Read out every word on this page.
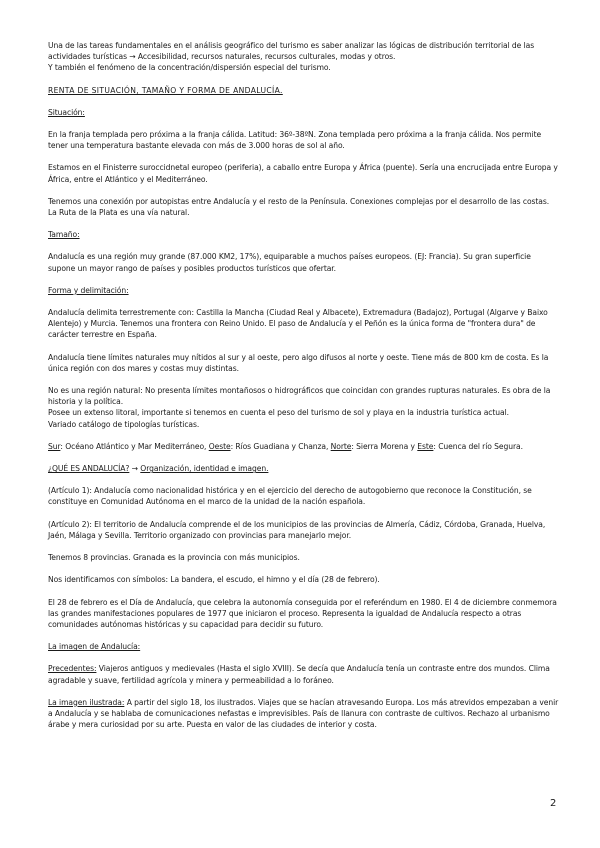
Una de las tareas fundamentales en el análisis geográfico del turismo es saber analizar las lógicas de distribución territorial de las actividades turísticas → Accesibilidad, recursos naturales, recursos culturales, modas y otros.

Y también el fenómeno de la concentración/dispersión especial del turismo.

RENTA DE SITUACIÓN, TAMAÑO Y FORMA DE ANDALUCÍA.
Situación:

En la franja templada pero próxima a la franja cálida. Latitud: 36º-38ºN. Zona templada pero próxima a la franja cálida. Nos permite tener una temperatura bastante elevada con más de 3.000 horas de sol al año.

Estamos en el Finisterre suroccidnetal europeo (periferia), a caballo entre Europa y África (puente). Sería una encrucijada entre Europa y África, entre el Atlántico y el Mediterráneo.

Tenemos una conexión por autopistas entre Andalucía y el resto de la Península. Conexiones complejas por el desarrollo de las costas. La Ruta de la Plata es una vía natural.

Tamaño:

Andalucía es una región muy grande (87.000 KM2, 17%), equiparable a muchos países europeos. (EJ: Francia). Su gran superficie supone un mayor rango de países y posibles productos turísticos que ofertar.

Forma y delimitación:

Andalucía delimita terrestremente con: Castilla la Mancha (Ciudad Real y Albacete), Extremadura (Badajoz), Portugal (Algarve y Baixo Alentejo) y Murcia. Tenemos una frontera con Reino Unido. El paso de Andalucía y el Peñón es la única forma de "frontera dura" de carácter terrestre en España.

Andalucía tiene límites naturales muy nítidos al sur y al oeste, pero algo difusos al norte y oeste. Tiene más de 800 km de costa. Es la única región con dos mares y costas muy distintas.

No es una región natural: No presenta límites montañosos o hidrográficos que coincidan con grandes rupturas naturales. Es obra de la historia y la política.

Posee un extenso litoral, importante si tenemos en cuenta el peso del turismo de sol y playa en la industria turística actual.

Variado catálogo de tipologías turísticas.

Sur: Océano Atlántico y Mar Mediterráneo, Oeste: Ríos Guadiana y Chanza, Norte: Sierra Morena y Este: Cuenca del río Segura.

¿QUÉ ES ANDALUCÍA? → Organización, identidad e imagen.

(Artículo 1): Andalucía como nacionalidad histórica y en el ejercicio del derecho de autogobierno que reconoce la Constitución, se constituye en Comunidad Autónoma en el marco de la unidad de la nación española.

(Artículo 2): El territorio de Andalucía comprende el de los municipios de las provincias de Almería, Cádiz, Córdoba, Granada, Huelva, Jaén, Málaga y Sevilla. Territorio organizado con provincias para manejarlo mejor.

Tenemos 8 provincias. Granada es la provincia con más municipios.

Nos identificamos con símbolos: La bandera, el escudo, el himno y el día (28 de febrero).

El 28 de febrero es el Día de Andalucía, que celebra la autonomía conseguida por el referéndum en 1980. El 4 de diciembre conmemora las grandes manifestaciones populares de 1977 que iniciaron el proceso. Representa la igualdad de Andalucía respecto a otras comunidades autónomas históricas y su capacidad para decidir su futuro.

La imagen de Andalucía:

Precedentes: Viajeros antiguos y medievales (Hasta el siglo XVIII). Se decía que Andalucía tenía un contraste entre dos mundos. Clima agradable y suave, fertilidad agrícola y minera y permeabilidad a lo foráneo.

La imagen ilustrada: A partir del siglo 18, los ilustrados. Viajes que se hacían atravesando Europa. Los más atrevidos empezaban a venir a Andalucía y se hablaba de comunicaciones nefastas e imprevisibles. País de llanura con contraste de cultivos. Rechazo al urbanismo árabe y mera curiosidad por su arte. Puesta en valor de las ciudades de interior y costa.

2
